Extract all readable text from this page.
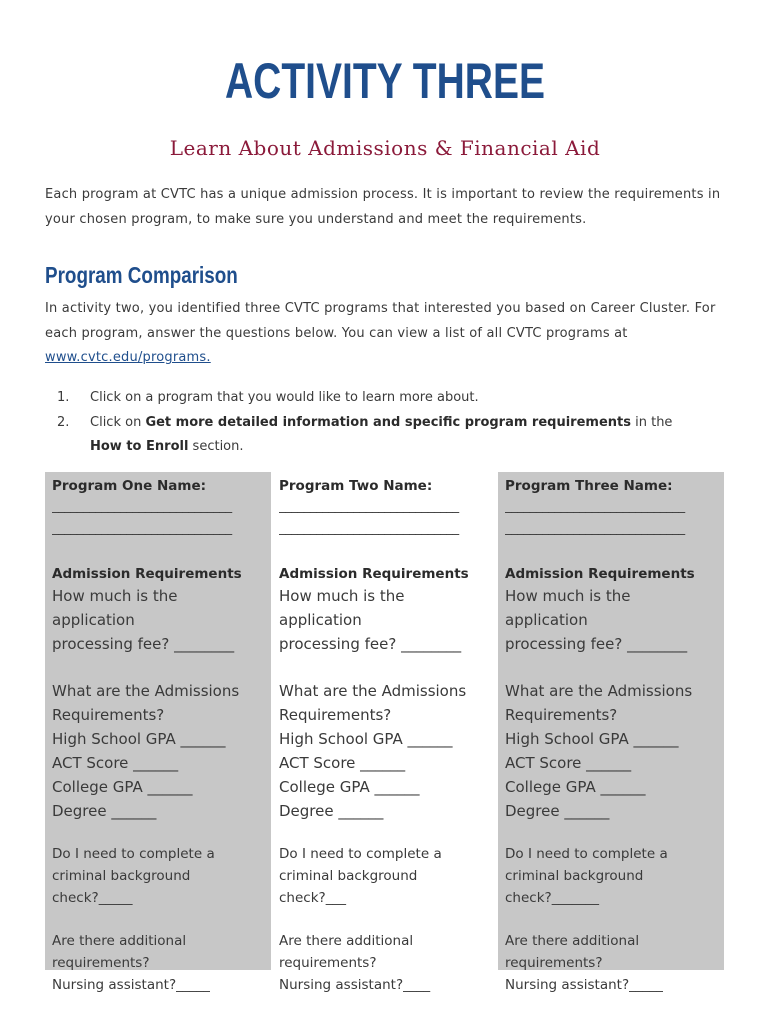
ACTIVITY THREE
Learn About Admissions & Financial Aid
Each program at CVTC has a unique admission process. It is important to review the requirements in your chosen program, to make sure you understand and meet the requirements.
Program Comparison
In activity two, you identified three CVTC programs that interested you based on Career Cluster. For each program, answer the questions below. You can view a list of all CVTC programs at www.cvtc.edu/programs.
1.	Click on a program that you would like to learn more about.
2.	Click on Get more detailed information and specific program requirements in the How to Enroll section.
Program One Name:
_____________________________
_____________________________
Admission Requirements
How much is the application
processing fee? ________
What are the Admissions
Requirements?
High School GPA ______
ACT Score ______
College GPA ______
Degree ______
Do I need to complete a
criminal background
check?_____
Are there additional
requirements?
Nursing assistant?_____
Program Two Name:
_____________________________
_____________________________
Admission Requirements
How much is the application
processing fee? ________
What are the Admissions
Requirements?
High School GPA ______
ACT Score ______
College GPA ______
Degree ______
Do I need to complete a
criminal background
check?___
Are there additional
requirements?
Nursing assistant?____
Program Three Name:
_____________________________
_____________________________
Admission Requirements
How much is the application
processing fee? ________
What are the Admissions
Requirements?
High School GPA ______
ACT Score ______
College GPA ______
Degree ______
Do I need to complete a
criminal background
check?_______
Are there additional
requirements?
Nursing assistant?_____
